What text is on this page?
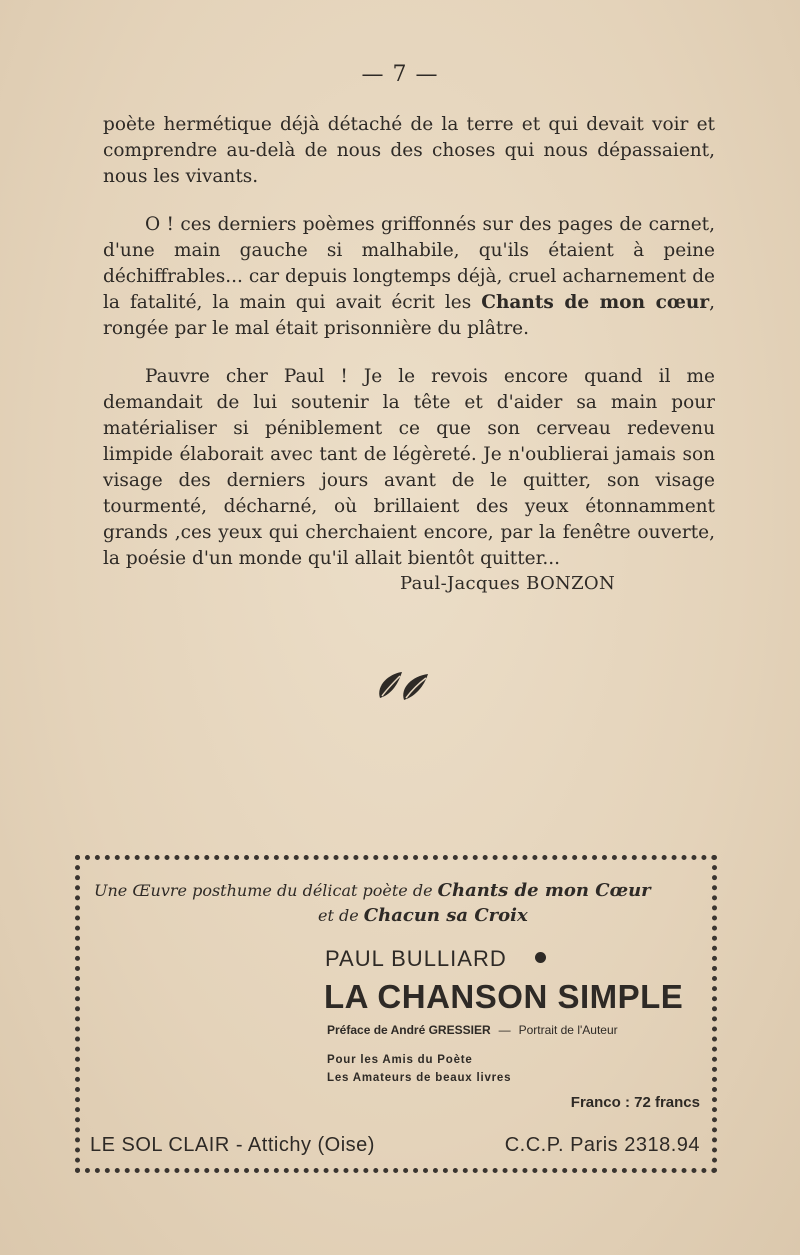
— 7 —

poète hermétique déjà détaché de la terre et qui devait voir et comprendre au-delà de nous des choses qui nous dépassaient, nous les vivants.

O ! ces derniers poèmes griffonnés sur des pages de carnet, d'une main gauche si malhabile, qu'ils étaient à peine déchiffrables... car depuis longtemps déjà, cruel acharnement de la fatalité, la main qui avait écrit les Chants de mon cœur, rongée par le mal était prisonnière du plâtre.

Pauvre cher Paul ! Je le revois encore quand il me demandait de lui soutenir la tête et d'aider sa main pour matérialiser si péniblement ce que son cerveau redevenu limpide élaborait avec tant de légèreté. Je n'oublierai jamais son visage des derniers jours avant de le quitter, son visage tourmenté, décharné, où brillaient des yeux étonnamment grands ,ces yeux qui cherchaient encore, par la fenêtre ouverte, la poésie d'un monde qu'il allait bientôt quitter...

Paul-Jacques BONZON
Une Œuvre posthume du délicat poète de Chants de mon Cœur
et de Chacun sa Croix
PAUL BULLIARD
LA CHANSON SIMPLE
Préface de André GRESSIER — Portrait de l'Auteur
Pour les Amis du Poète
Les Amateurs de beaux livres
Franco : 72 francs
LE SOL CLAIR - Attichy (Oise)	C.C.P. Paris 2318.94
